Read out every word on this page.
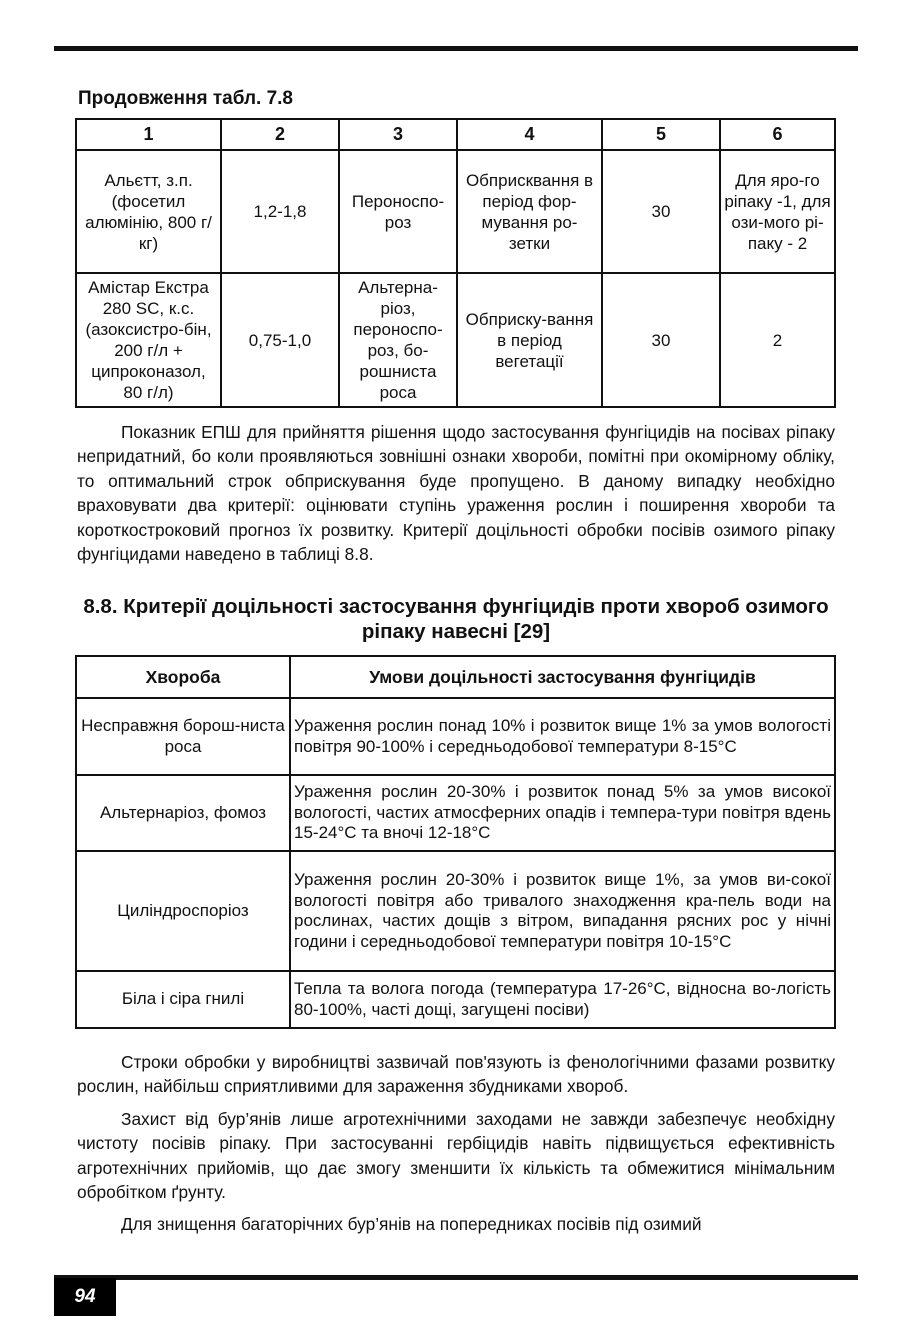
Продовження табл. 7.8

1	2	3	4	5	6
Альєтт, з.п. (фосетил алюмінію, 800 г/кг)	1,2-1,8	Пероноспо-роз	Обприсквання в період фор-мування ро-зетки	30	Для яро-го ріпаку -1, для ози-мого рі-паку - 2
Амістар Екстра 280 SC, к.с. (азоксистро-бін, 200 г/л + ципроконазол, 80 г/л)	0,75-1,0	Альтерна-ріоз, пероноспо-роз, бо-рошниста роса	Обприску-вання в період вегетації	30	2

Показник ЕПШ для прийняття рішення щодо застосування фунгіцидів на посівах ріпаку непридатний, бо коли проявляються зовнішні ознаки хвороби, помітні при окомірному обліку, то оптимальний строк обприскування буде пропущено. В даному випадку необхідно враховувати два критерії: оцінювати ступінь ураження рослин і поширення хвороби та короткостроковий прогноз їх розвитку. Критерії доцільності обробки посівів озимого ріпаку фунгіцидами наведено в таблиці 8.8.

8.8. Критерії доцільності застосування фунгіцидів проти хвороб озимого ріпаку навесні [29]

Хвороба	Умови доцільності застосування фунгіцидів
Несправжня борош-ниста роса	Ураження рослин понад 10% і розвиток вище 1% за умов вологості повітря 90-100% і середньодобової температури 8-15°С
Альтернаріоз, фомоз	Ураження рослин 20-30% і розвиток понад 5% за умов високої вологості, частих атмосферних опадів і темпера-тури повітря вдень 15-24°С та вночі 12-18°С
Циліндроспоріоз	Ураження рослин 20-30% і розвиток вище 1%, за умов ви-сокої вологості повітря або тривалого знаходження кра-пель води на рослинах, частих дощів з вітром, випадання рясних рос у нічні години і середньодобової температури повітря 10-15°С
Біла і сіра гнилі	Тепла та волога погода (температура 17-26°С, відносна во-логість 80-100%, часті дощі, загущені посіви)

Строки обробки у виробництві зазвичай пов'язують із фенологічними фазами розвитку рослин, найбільш сприятливими для зараження збудниками хвороб.

Захист від бур’янів лише агротехнічними заходами не завжди забезпечує необхідну чистоту посівів ріпаку. При застосуванні гербіцидів навіть підвищується ефективність агротехнічних прийомів, що дає змогу зменшити їх кількість та обмежитися мінімальним обробітком ґрунту.

Для знищення багаторічних бур’янів на попередниках посівів під озимий

94
